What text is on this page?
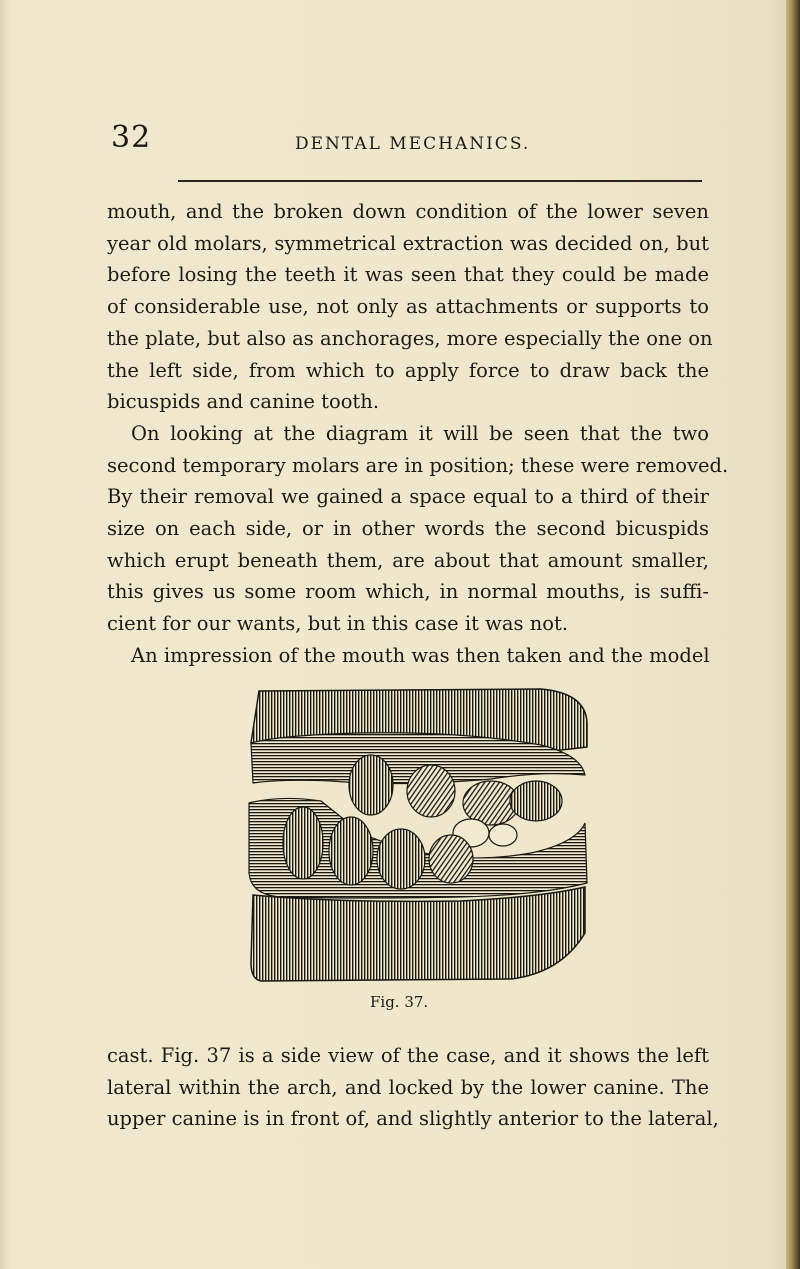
32	DENTAL MECHANICS.
mouth, and the broken down condition of the lower seven
year old molars, symmetrical extraction was decided on, but
before losing the teeth it was seen that they could be made
of considerable use, not only as attachments or supports to
the plate, but also as anchorages, more especially the one on
the left side, from which to apply force to draw back the
bicuspids and canine tooth.
On looking at the diagram it will be seen that the two
second temporary molars are in position; these were removed.
By their removal we gained a space equal to a third of their
size on each side, or in other words the second bicuspids
which erupt beneath them, are about that amount smaller,
this gives us some room which, in normal mouths, is suffi-
cient for our wants, but in this case it was not.
An impression of the mouth was then taken and the model
Fig. 37.
cast. Fig. 37 is a side view of the case, and it shows the left
lateral within the arch, and locked by the lower canine. The
upper canine is in front of, and slightly anterior to the lateral,
